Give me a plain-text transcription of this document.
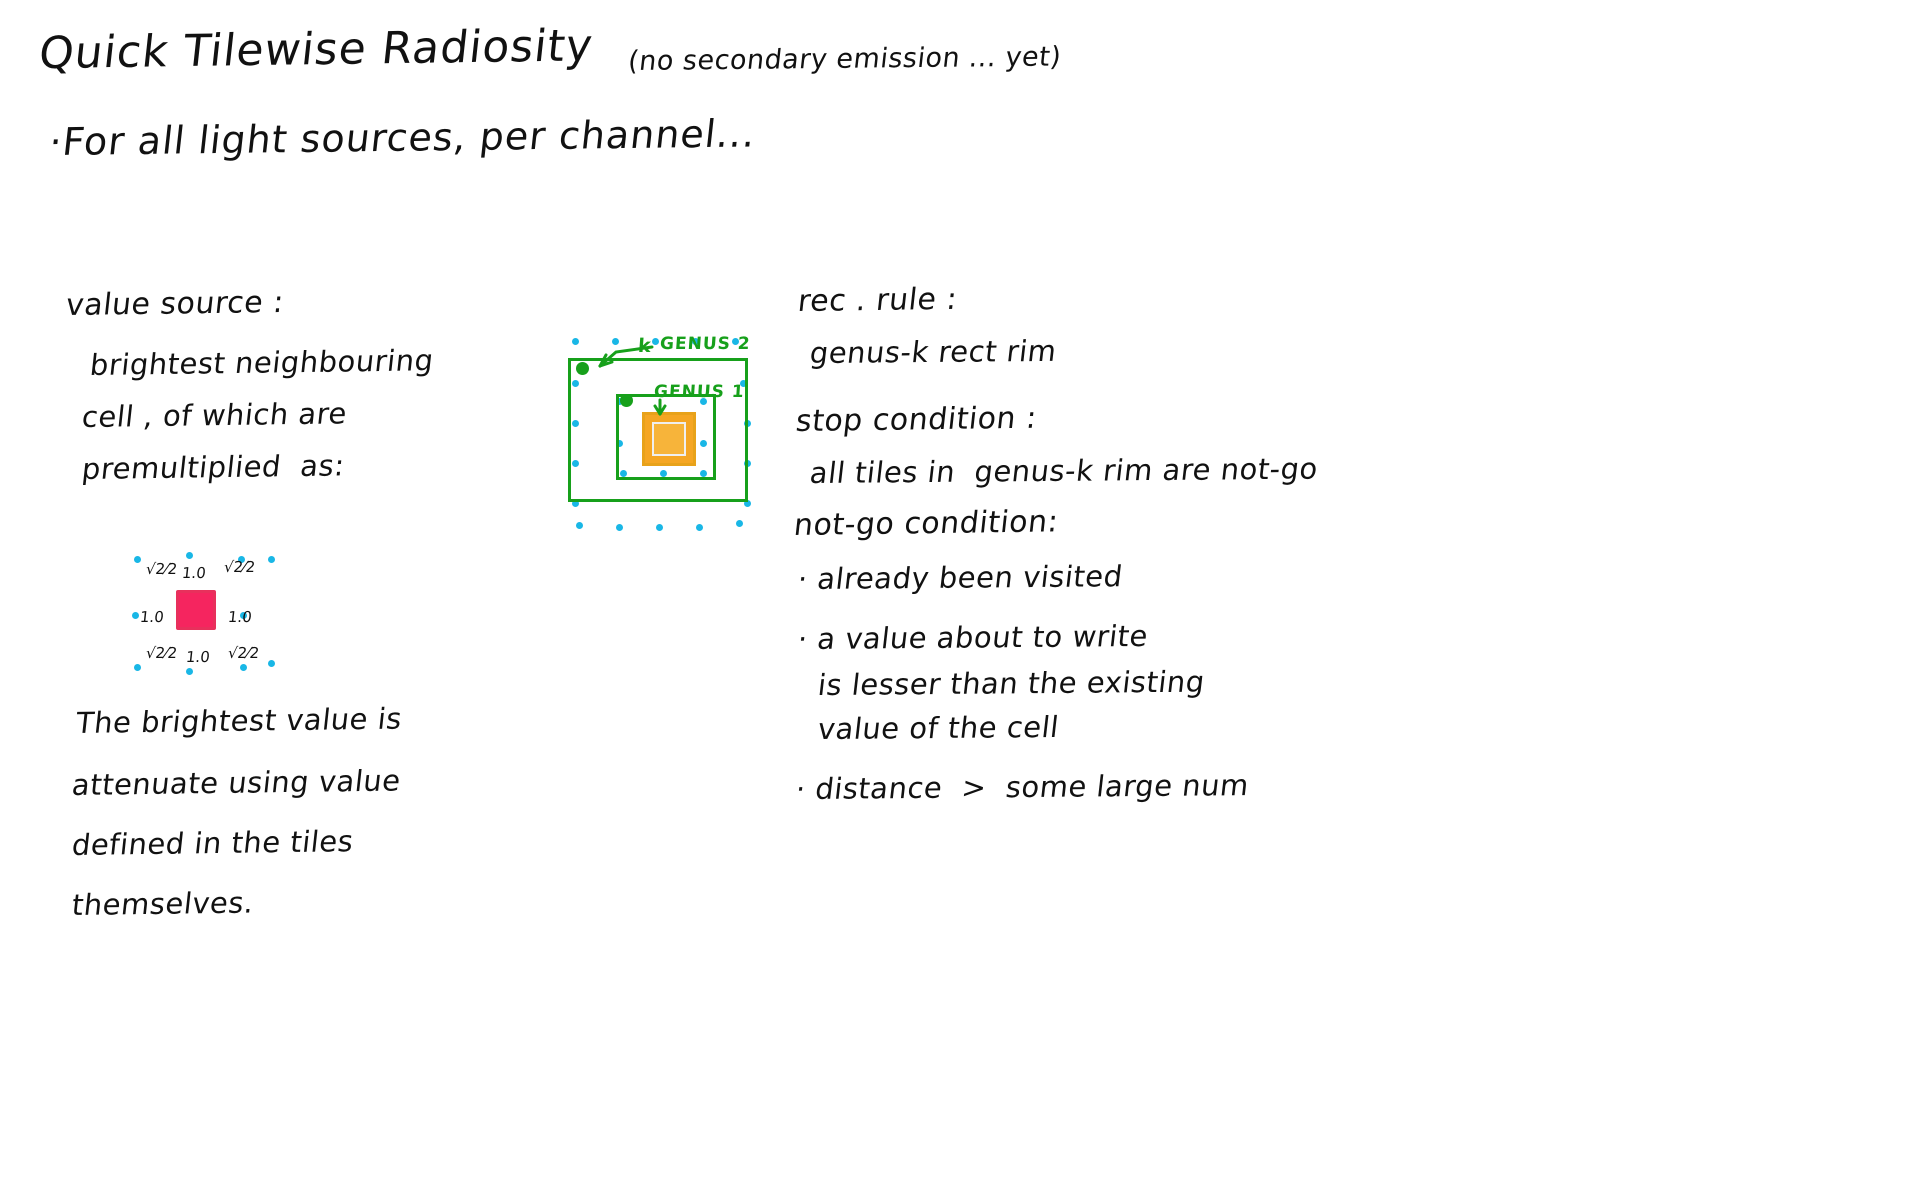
Quick Tilewise Radiosity (no secondary emission ... yet)
·For all light sources, per channel...
value source :
brightest neighbouring
cell , of which are
premultiplied  as:
√2⁄2 1.0 √2⁄2
1.0	1.0
√2⁄2 1.0 √2⁄2
The brightest value is
attenuate using value
defined in the tiles
themselves.
GENUS 2
GENUS 1
k
rec . rule :
genus-k rect rim
stop condition :
all tiles in  genus-k rim are not-go
not-go condition:
· already been visited
· a value about to write
is lesser than the existing
value of the cell
· distance  >  some large num
